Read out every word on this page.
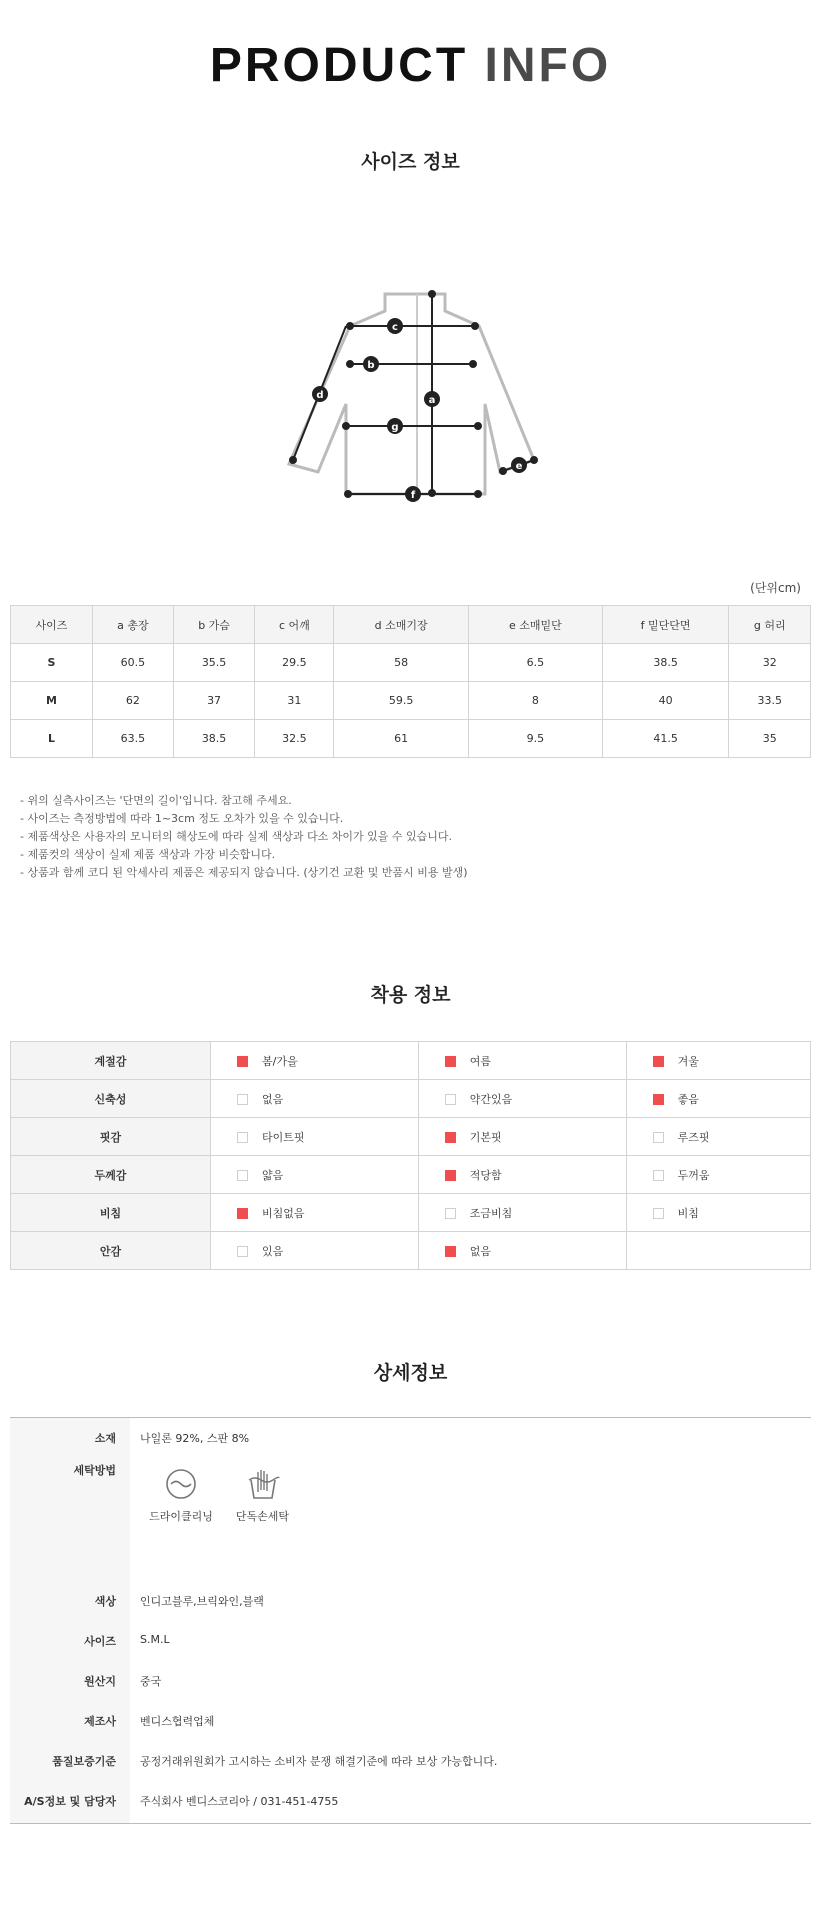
PRODUCT INFO
사이즈 정보
a
b
c
d
e
f
g
(단위cm)
사이즈	a 총장	b 가슴	c 어깨	d 소매기장	e 소매밑단	f 밑단단면	g 허리
S	60.5	35.5	29.5	58	6.5	38.5	32
M	62	37	31	59.5	8	40	33.5
L	63.5	38.5	32.5	61	9.5	41.5	35
- 위의 실측사이즈는 '단면의 길이'입니다. 참고해 주세요.
- 사이즈는 측정방법에 따라 1~3cm 정도 오차가 있을 수 있습니다.
- 제품색상은 사용자의 모니터의 해상도에 따라 실제 색상과 다소 차이가 있을 수 있습니다.
- 제품컷의 색상이 실제 제품 색상과 가장 비슷합니다.
- 상품과 함께 코디 된 악세사리 제품은 제공되지 않습니다. (상기건 교환 및 반품시 비용 발생)
착용 정보
계절감	봄/가을	여름	겨울
신축성	없음	약간있음	좋음
핏감	타이트핏	기본핏	루즈핏
두께감	얇음	적당함	두꺼움
비침	비침없음	조금비침	비침
안감	있음	없음	
상세정보
소재	나일론 92%, 스판 8%
세탁방법	드라이클리닝 단독손세탁
색상	인디고블루,브릭와인,블랙
사이즈	S.M.L
원산지	중국
제조사	벤디스협력업체
품질보증기준	공정거래위원회가 고시하는 소비자 분쟁 해결기준에 따라 보상 가능합니다.
A/S정보 및 담당자	주식회사 벤디스코리아 / 031-451-4755
